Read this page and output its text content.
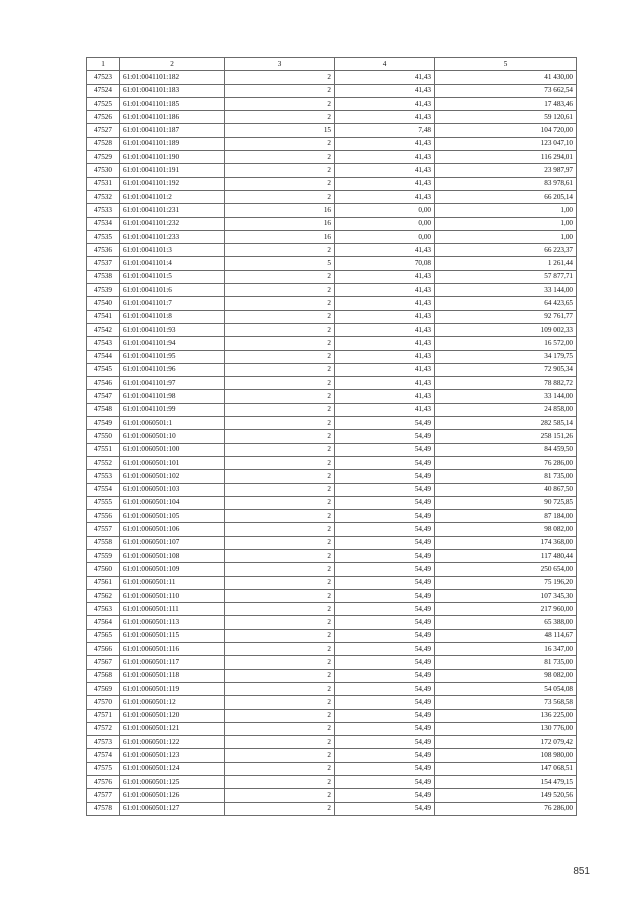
1	2	3	4	5
47523	61:01:0041101:182	2	41,43	41 430,00
47524	61:01:0041101:183	2	41,43	73 662,54
47525	61:01:0041101:185	2	41,43	17 483,46
47526	61:01:0041101:186	2	41,43	59 120,61
47527	61:01:0041101:187	15	7,48	104 720,00
47528	61:01:0041101:189	2	41,43	123 047,10
47529	61:01:0041101:190	2	41,43	116 294,01
47530	61:01:0041101:191	2	41,43	23 987,97
47531	61:01:0041101:192	2	41,43	83 978,61
47532	61:01:0041101:2	2	41,43	66 205,14
47533	61:01:0041101:231	16	0,00	1,00
47534	61:01:0041101:232	16	0,00	1,00
47535	61:01:0041101:233	16	0,00	1,00
47536	61:01:0041101:3	2	41,43	66 223,37
47537	61:01:0041101:4	5	70,08	1 261,44
47538	61:01:0041101:5	2	41,43	57 877,71
47539	61:01:0041101:6	2	41,43	33 144,00
47540	61:01:0041101:7	2	41,43	64 423,65
47541	61:01:0041101:8	2	41,43	92 761,77
47542	61:01:0041101:93	2	41,43	109 002,33
47543	61:01:0041101:94	2	41,43	16 572,00
47544	61:01:0041101:95	2	41,43	34 179,75
47545	61:01:0041101:96	2	41,43	72 905,34
47546	61:01:0041101:97	2	41,43	78 882,72
47547	61:01:0041101:98	2	41,43	33 144,00
47548	61:01:0041101:99	2	41,43	24 858,00
47549	61:01:0060501:1	2	54,49	282 585,14
47550	61:01:0060501:10	2	54,49	258 151,26
47551	61:01:0060501:100	2	54,49	84 459,50
47552	61:01:0060501:101	2	54,49	76 286,00
47553	61:01:0060501:102	2	54,49	81 735,00
47554	61:01:0060501:103	2	54,49	40 867,50
47555	61:01:0060501:104	2	54,49	90 725,85
47556	61:01:0060501:105	2	54,49	87 184,00
47557	61:01:0060501:106	2	54,49	98 082,00
47558	61:01:0060501:107	2	54,49	174 368,00
47559	61:01:0060501:108	2	54,49	117 480,44
47560	61:01:0060501:109	2	54,49	250 654,00
47561	61:01:0060501:11	2	54,49	75 196,20
47562	61:01:0060501:110	2	54,49	107 345,30
47563	61:01:0060501:111	2	54,49	217 960,00
47564	61:01:0060501:113	2	54,49	65 388,00
47565	61:01:0060501:115	2	54,49	48 114,67
47566	61:01:0060501:116	2	54,49	16 347,00
47567	61:01:0060501:117	2	54,49	81 735,00
47568	61:01:0060501:118	2	54,49	98 082,00
47569	61:01:0060501:119	2	54,49	54 054,08
47570	61:01:0060501:12	2	54,49	73 568,58
47571	61:01:0060501:120	2	54,49	136 225,00
47572	61:01:0060501:121	2	54,49	130 776,00
47573	61:01:0060501:122	2	54,49	172 079,42
47574	61:01:0060501:123	2	54,49	108 980,00
47575	61:01:0060501:124	2	54,49	147 068,51
47576	61:01:0060501:125	2	54,49	154 479,15
47577	61:01:0060501:126	2	54,49	149 520,56
47578	61:01:0060501:127	2	54,49	76 286,00
851
